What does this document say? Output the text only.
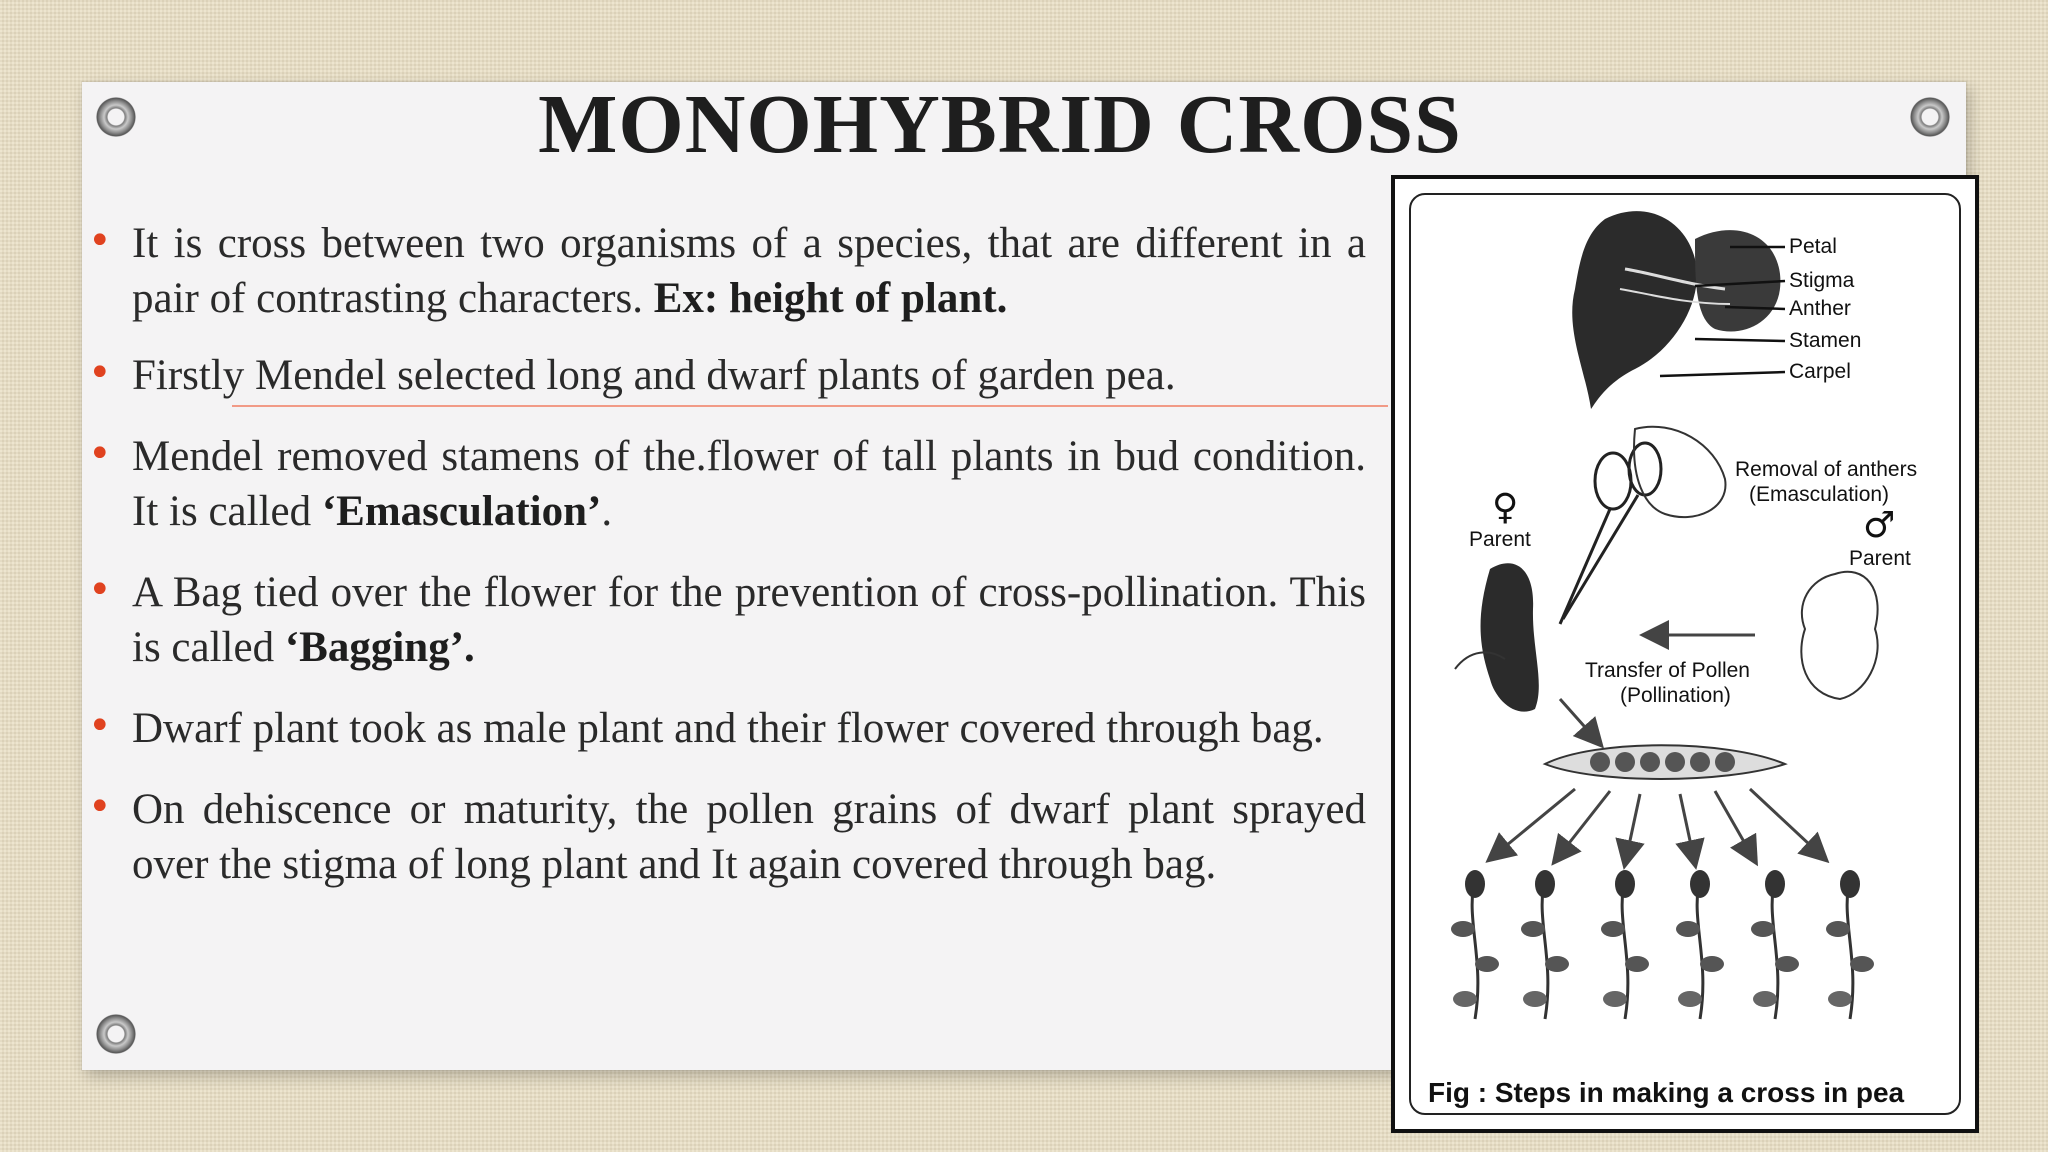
MONOHYBRID CROSS
• It is cross between two organisms of a species, that are different in a pair of contrasting characters. Ex: height of plant.
• Firstly Mendel selected long and dwarf plants of garden pea.
• Mendel removed stamens of the.flower of tall plants in bud condition. It is called ‘Emasculation’.
• A Bag tied over the flower for the prevention of cross-pollination. This is called ‘Bagging’.
• Dwarf plant took as male plant and their flower covered through bag.
• On dehiscence or maturity, the pollen grains of dwarf plant sprayed over the stigma of long plant and It again covered through bag.
Petal
Stigma
Anther
Stamen
Carpel
Removal of anthers
(Emasculation)
♀
Parent	♂
Parent
Transfer of Pollen
(Pollination)
Fig : Steps in making a cross in pea
